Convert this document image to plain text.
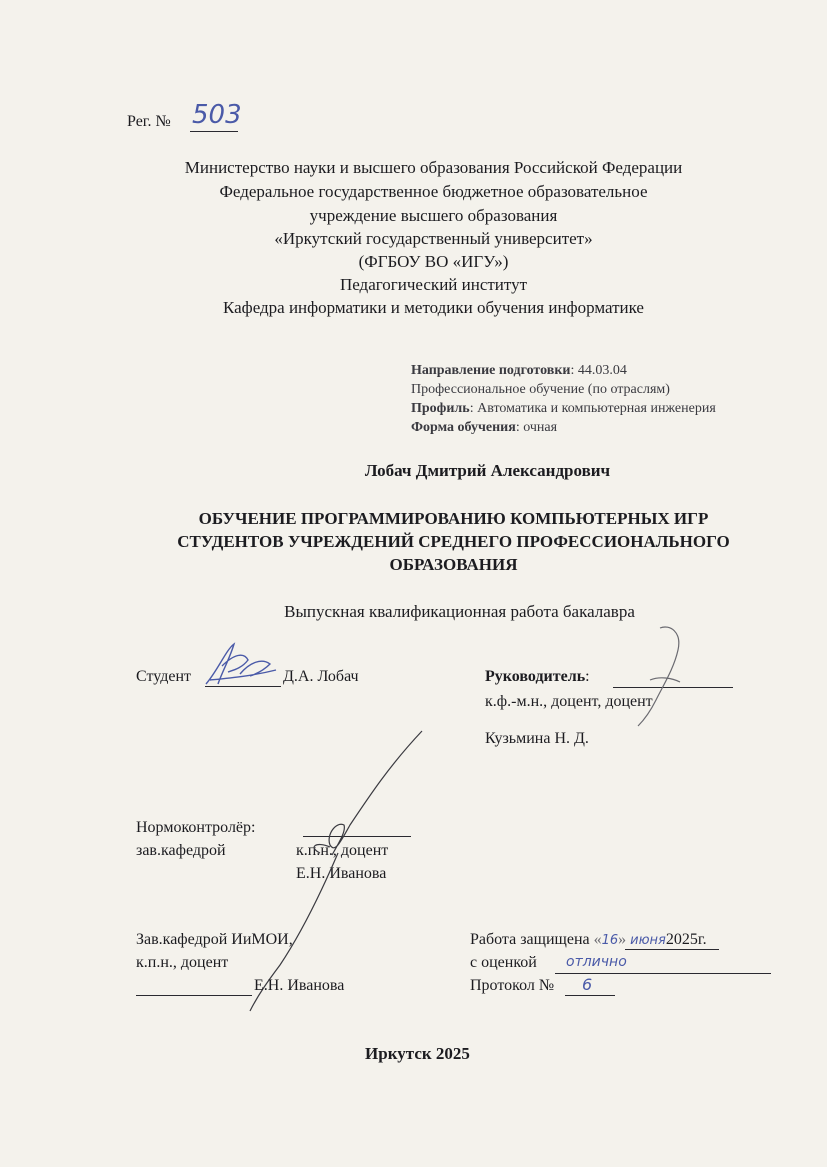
Рег. № 503
Министерство науки и высшего образования Российской Федерации
Федеральное государственное бюджетное образовательное
учреждение высшего образования
«Иркутский государственный университет»
(ФГБОУ ВО «ИГУ»)
Педагогический институт
Кафедра информатики и методики обучения информатике
Направление подготовки: 44.03.04
Профессиональное обучение (по отраслям)
Профиль: Автоматика и компьютерная инженерия
Форма обучения: очная
Лобач Дмитрий Александрович
ОБУЧЕНИЕ ПРОГРАММИРОВАНИЮ КОМПЬЮТЕРНЫХ ИГР
СТУДЕНТОВ УЧРЕЖДЕНИЙ СРЕДНЕГО ПРОФЕССИОНАЛЬНОГО
ОБРАЗОВАНИЯ
Выпускная квалификационная работа бакалавра
Студент	Д.А. Лобач	Руководитель:
к.ф.-м.н., доцент, доцент
Кузьмина Н. Д.
Нормоконтролёр:
зав.кафедрой	к.п.н., доцент
Е.Н. Иванова
Зав.кафедрой ИиМОИ,
к.п.н., доцент
Е.Н. Иванова
Работа защищена «16» июня2025г.
с оценкой отлично
Протокол № 6
Иркутск 2025
